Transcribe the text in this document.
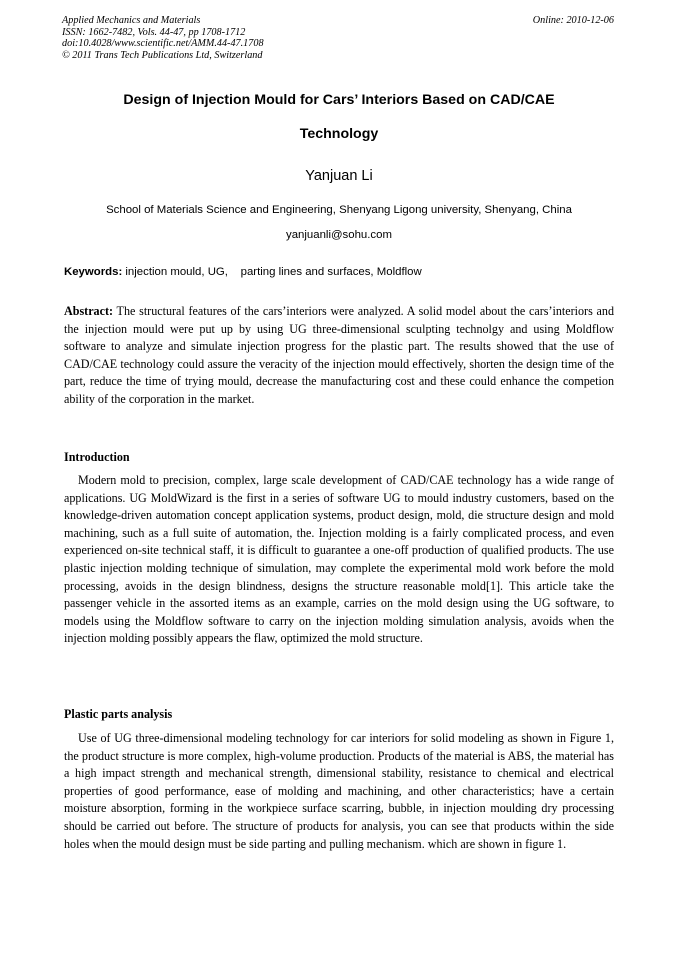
Applied Mechanics and Materials
ISSN: 1662-7482, Vols. 44-47, pp 1708-1712
doi:10.4028/www.scientific.net/AMM.44-47.1708
© 2011 Trans Tech Publications Ltd, Switzerland
Online: 2010-12-06
Design of Injection Mould for Cars’ Interiors Based on CAD/CAE
Technology
Yanjuan Li
School of Materials Science and Engineering, Shenyang Ligong university, Shenyang, China
yanjuanli@sohu.com
Keywords: injection mould, UG,    parting lines and surfaces, Moldflow
Abstract: The structural features of the cars’interiors were analyzed. A solid model about the cars’interiors and the injection mould were put up by using UG three-dimensional sculpting technolgy and using Moldflow software to analyze and simulate injection progress for the plastic part. The results showed that the use of CAD/CAE technology could assure the veracity of the injection mould effectively, shorten the design time of the part, reduce the time of trying mould, decrease the manufacturing cost and these could enhance the competion ability of the corporation in the market.
Introduction
Modern mold to precision, complex, large scale development of CAD/CAE technology has a wide range of applications. UG MoldWizard is the first in a series of software UG to mould industry customers, based on the knowledge-driven automation concept application systems, product design, mold, die structure design and mold machining, such as a full suite of automation, the. Injection molding is a fairly complicated process, and even experienced on-site technical staff, it is difficult to guarantee a one-off production of qualified products. The use plastic injection molding technique of simulation, may complete the experimental mold work before the mold processing, avoids in the design blindness, designs the structure reasonable mold[1]. This article take the passenger vehicle in the assorted items as an example, carries on the mold design using the UG software, to models using the Moldflow software to carry on the injection molding simulation analysis, avoids when the injection molding possibly appears the flaw, optimized the mold structure.
Plastic parts analysis
Use of UG three-dimensional modeling technology for car interiors for solid modeling as shown in Figure 1, the product structure is more complex, high-volume production. Products of the material is ABS, the material has a high impact strength and mechanical strength, dimensional stability, resistance to chemical and electrical properties of good performance, ease of molding and machining, and other characteristics; have a certain moisture absorption, forming in the workpiece surface scarring, bubble, in injection moulding dry processing should be carried out before. The structure of products for analysis, you can see that products within the side holes when the mould design must be side parting and pulling mechanism. which are shown in figure 1.
